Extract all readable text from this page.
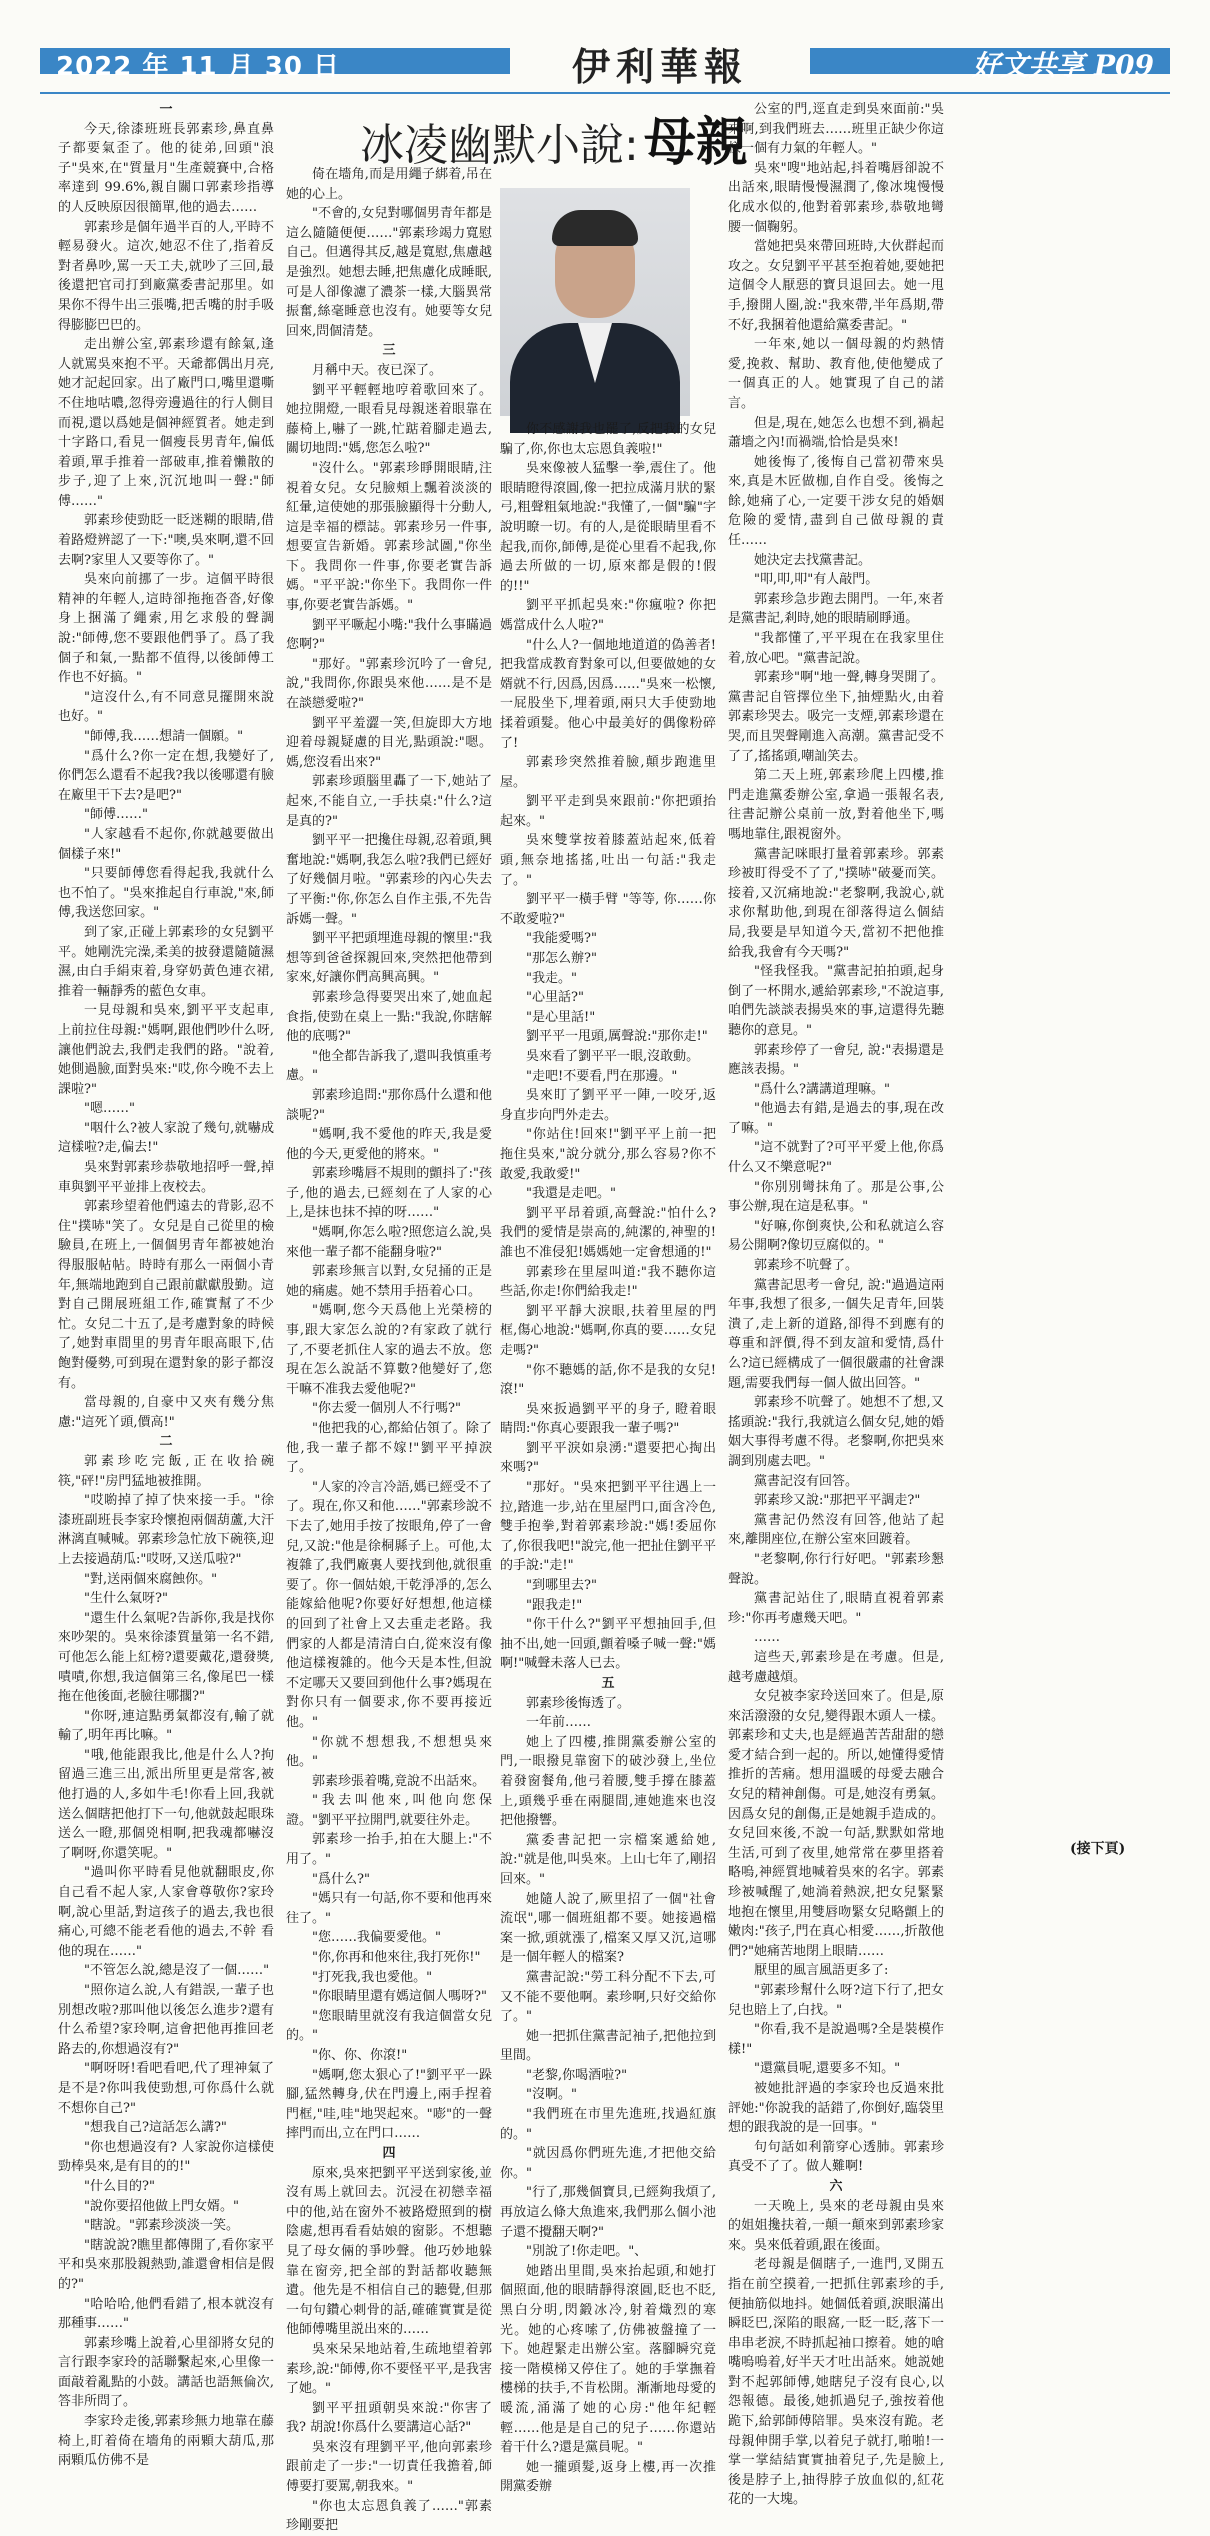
2022 年 11 月 30 日	伊利華報	好文共享 P09
冰凌幽默小說: 母親

一

今天,徐漆班班長郭素珍,鼻直鼻子都要氣歪了。他的徒弟,回頭"浪子"吳來,在"質量月"生產競賽中,合格率達到 99.6%,親自關口郭素珍指導的人反映原因很簡單,他的過去……

郭素珍是個年過半百的人,平時不輕易發火。這次,她忍不住了,指着反對者鼻吵,罵一天工夫,就吵了三回,最後還把官司打到廠黨委書記那里。如果你不得牛出三張嘴,把舌嘴的肘手吸得膨膨巴巴的。

走出辦公室,郭素珍還有餘氣,逢人就罵吳來抱不平。天爺都偶出月亮,她才記起回家。出了廠門口,嘴里還嘶不住地咕噥,忽得旁邊過往的行人側目而視,還以爲她是個神經質者。她走到十字路口,看見一個瘦長男青年,偏低着頭,單手推着一部破車,推着懶散的步子,迎了上來,沉沉地叫一聲:"師傅……"

郭素珍使勁眨一眨迷糊的眼睛,借着路燈辨認了一下:"噢,吳來啊,還不回去啊?家里人又要等你了。"

吳來向前挪了一步。這個平時很精神的年輕人,這時卻拖拖沓沓,好像身上捆滿了繩索,用乞求般的聲調說:"師傅,您不要跟他們爭了。爲了我個子和氣,一點都不值得,以後師傅工作也不好搞。"

"這沒什么,有不同意見擺開來說也好。"

"師傅,我……想請一個願。"

"爲什么?你一定在想,我變好了,你們怎么還看不起我?我以後哪還有臉在廠里干下去?是吧?"

"師傅……"

"人家越看不起你,你就越要做出個樣子來!"

"只要師傅您看得起我,我就什么也不怕了。"吳來推起自行車說,"來,師傅,我送您回家。"

到了家,正碰上郭素珍的女兒劉平平。她剛洗完澡,柔美的披發還隨隨濕濕,由白手絹束着,身穿奶黃色連衣裙,推着一輛靜秀的藍色女車。

一見母親和吳來,劉平平支起車,上前拉住母親:"媽啊,跟他們吵什么呀,讓他們說去,我們走我們的路。"說着,她側過臉,面對吳來:"哎,你今晚不去上課啦?"

"嗯……"

"咽什么?被人家說了幾句,就嚇成這樣啦?走,偏去!"

吳來對郭素珍恭敬地招呼一聲,掉車與劉平平並排上夜校去。

郭素珍望着他們遠去的背影,忍不住"撲哧"笑了。女兒是自己從里的檢驗員,在班上,一個個男青年都被她治得服服帖帖。時時有那么一兩個小青年,無端地跑到自己跟前獻獻殷勤。這對自己開展班組工作,確實幫了不少忙。女兒二十五了,是考慮對象的時候了,她對車間里的男青年眼高眼下,估飽對優勢,可到現在還對象的影子都沒有。

當母親的,自豪中又夾有幾分焦慮:"這死丫頭,價高!"

二

郭素珍吃完飯,正在收拾碗筷,"砰!"房門猛地被推開。

"哎喲掉了掉了快來接一手。"徐漆班副班長李家玲懷抱兩個葫蘆,大汗淋漓直喊喊。郭素珍急忙放下碗筷,迎上去接過葫瓜:"哎呀,又送瓜啦?"

"對,送兩個來腐蝕你。"

"生什么氣呀?"

"還生什么氣呢?告訴你,我是找你來吵架的。吳來徐漆質量第一名不錯,可他怎么能上紅榜?還要戴花,還發獎,嘖嘖,你想,我這個第三名,像尾巴一樣拖在他後面,老臉往哪擱?"

"你呀,連這點勇氣都沒有,輸了就輸了,明年再比嘛。"

"哦,他能跟我比,他是什么人?拘留過三進三出,派出所里更是常客,被他打過的人,多如牛毛!你看上回,我就送么個瞎把他打下一句,他就鼓起眼珠送么一瞪,那個兇相啊,把我魂都嚇沒了啊呀,你還笑呢。"

"過叫你平時看見他就翻眼皮,你自己看不起人家,人家會尊敬你?家玲啊,說心里話,對這孩子的過去,我也很痛心,可總不能老看他的過去,不幹 看他的現在……"

"不管怎么說,總是沒了一個……"

"照你這么說,人有錯誤,一輩子也別想改啦?那叫他以後怎么進步?還有什么希望?家玲啊,這會把他再推回老路去的,你想過沒有?"

"啊呀呀!看吧看吧,代了理神氣了是不是?你叫我使勁想,可你爲什么就不想你自己?"

"想我自己?這話怎么講?"

"你也想過沒有? 人家說你這樣使勁棒吳來,是有目的的!"

"什么目的?"

"說你要招他做上門女婿。"

"瞎說。"郭素珍淡淡一笑。

"瞎說說?瞧里都傳開了,看你家平平和吳來那股親熱勁,誰還會相信是假的?"

"哈哈哈,他們看錯了,根本就沒有那種事……"

郭素珍嘴上說着,心里卻將女兒的言行跟李家玲的話聯繫起來,心里像一面敲着亂點的小鼓。講話也語無倫次,答非所問了。

李家玲走後,郭素珍無力地靠在藤椅上,盯着倚在墻角的兩顆大葫瓜,那兩顆瓜仿佛不是

倚在墻角,而是用繩子綁着,吊在她的心上。

"不會的,女兒對哪個男青年都是這么隨隨便便……"郭素珍竭力寬慰自己。但邁得其反,越是寬慰,焦慮越是強烈。她想去睡,把焦慮化成睡眠,可是人卻像濾了濃茶一樣,大腦異常振奮,絲毫睡意也沒有。她要等女兒回來,問個清楚。

三

月稱中天。夜已深了。

劉平平輕輕地哼着歌回來了。她拉開燈,一眼看見母親迷着眼靠在藤椅上,嚇了一跳,忙踮着腳走過去,關切地問:"媽,您怎么啦?"

"沒什么。"郭素珍睜開眼睛,注視着女兒。女兒臉頰上飄着淡淡的紅暈,這使她的那張臉顯得十分動人,這是幸福的標誌。郭素珍另一件事,想要宣告新婚。郭素珍試圖,"你坐下。我問你一件事,你要老實告訴媽。"平平說:"你坐下。我問你一件事,你要老實告訴媽。"

劉平平噘起小嘴:"我什么事瞞過您啊?"

"那好。"郭素珍沉吟了一會兒,說,"我問你,你跟吳來他……是不是在談戀愛啦?"

劉平平羞澀一笑,但旋即大方地迎着母親疑慮的目光,點頭說:"嗯。媽,您沒看出來?"

郭素珍頭腦里轟了一下,她站了起來,不能自立,一手扶桌:"什么?這是真的?"

劉平平一把攙住母親,忍着頭,興奮地說:"媽啊,我怎么啦?我們已經好了好幾個月啦。"郭素珍的內心失去了平衡:"你,你怎么自作主張,不先告訴媽一聲。"

劉平平把頭埋進母親的懷里:"我想等到爸爸探親回來,突然把他帶到家來,好讓你們高興高興。"

郭素珍急得要哭出來了,她血起食指,使勁在桌上一點:"我說,你瞎解他的底嗎?"

"他全都告訴我了,還叫我慎重考慮。"

郭素珍追問:"那你爲什么還和他談呢?"

"媽啊,我不愛他的昨天,我是愛他的今天,更愛他的將來。"

郭素珍嘴唇不規則的顫抖了:"孩子,他的過去,已經刻在了人家的心上,是抹也抹不掉的呀……"

"媽啊,你怎么啦?照您這么說,吳來他一輩子都不能翻身啦?"

郭素珍無言以對,女兒捅的正是她的痛處。她不禁用手捂着心口。

"媽啊,您今天爲他上光榮榜的事,跟大家怎么說的?有家政了就行了,不要老抓住人家的過去不放。您現在怎么說話不算數?他變好了,您干嘛不准我去愛他呢?"

"你去愛一個別人不行嗎?"

"他把我的心,都給佔領了。除了他,我一輩子都不嫁!"劉平平掉淚了。

"人家的冷言冷語,媽已經受不了了。現在,你又和他……"郭素珍說不下去了,她用手按了按眼角,停了一會兒,又說:"他是徐桐縣子上。可他,太複雜了,我們廠裏人要找到他,就很重要了。你一個姑娘,干乾淨凈的,怎么能嫁給他呢?你要好好想想,他這樣的回到了社會上又去重走老路。我們家的人都是清清白白,從來沒有像他這樣複雜的。他今天是本性,但說不定哪天又要回到他什么事?媽現在對你只有一個要求,你不要再接近他。"

"你就不想想我,不想想吳來他。"

郭素珍張着嘴,竟說不出話來。

"我去叫他來,叫他向您保證。"劉平平拉開門,就要往外走。

郭素珍一抬手,拍在大腿上:"不用了。"

"爲什么?"

"媽只有一句話,你不要和他再來往了。"

"您……我偏要愛他。"

"你,你再和他來往,我打死你!"

"打死我,我也愛他。"

"你眼睛里還有媽這個人嗎呀?"

"您眼睛里就沒有我這個當女兒的。"

"你、你、你滾!"

"媽啊,您太狠心了!"劉平平一跺腳,猛然轉身,伏在門邊上,兩手捏着門框,"哇,哇"地哭起來。"嘭"的一聲摔門而出,立在門口……

四

原來,吳來把劉平平送到家後,並沒有馬上就回去。沉浸在初戀幸福中的他,站在窗外不被路燈照到的樹陰處,想再看看姑娘的窗影。不想聽見了母女倆的爭吵聲。他巧妙地躲靠在窗旁,把全部的對話都收聽無遺。他先是不相信自己的聽覺,但那一句句鑽心刺骨的話,確確實實是從他師傅嘴里説出來的……

吳來呆呆地站着,生疏地望着郭素珍,說:"師傅,你不要怪平平,是我害了她。"

劉平平扭頭朝吳來說:"你害了我? 胡說!你爲什么要講這心話?"

吳來沒有理劉平平,他向郭素珍跟前走了一步:"一切責任我擔着,師傅要打要罵,朝我來。"

"你也太忘恩負義了……"郭素珍剛要把

你不感謝我也罷了,反把我的女兒騙了,你,你也太忘恩負義啦!"

吳來像被人猛擊一拳,震住了。他眼睛瞪得滾圓,像一把拉成滿月狀的緊弓,粗聲粗氣地說:"我懂了,一個"騙"字說明瞭一切。有的人,是從眼睛里看不起我,而你,師傅,是從心里看不起我,你過去所做的一切,原來都是假的!假的!!"

劉平平抓起吳來:"你瘋啦? 你把媽當成什么人啦?"

"什么人?一個地地道道的偽善者!把我當成教育對象可以,但要做她的女婿就不行,因爲,因爲……"吳來一松懷,一屁股坐下,埋着頭,兩只大手使勁地揉着頭髮。他心中最美好的偶像粉碎了!

郭素珍突然推着臉,顛步跑進里屋。

劉平平走到吳來跟前:"你把頭抬起來。"

吳來雙掌按着膝蓋站起來,低着頭,無奈地搖搖,吐出一句話:"我走了。"

劉平平一橫手臂 "等等, 你……你不敢愛啦?"

"我能愛嗎?"

"那怎么辦?"

"我走。"

"心里話?"

"是心里話!"

劉平平一甩頭,厲聲說:"那你走!"

吳來看了劉平平一眼,沒敢動。

"走吧!不要看,門在那邊。"

吳來盯了劉平平一陣,一咬牙,返身直步向門外走去。

"你站住!回來!"劉平平上前一把拖住吳來,"說分就分,那么容易?你不敢愛,我敢愛!"

"我還是走吧。"

劉平平昂着頭,高聲說:"怕什么?我們的愛情是崇高的,純潔的,神聖的!誰也不准侵犯!媽媽她一定會想通的!"

郭素珍在里屋叫道:"我不聽你這些話,你走!你們給我走!"

劉平平靜大淚眼,扶着里屋的門框,傷心地說:"媽啊,你真的要……女兒走嗎?"

"你不聽媽的話,你不是我的女兒!滾!"

吳來扳過劉平平的身子, 瞪着眼睛問:"你真心要跟我一輩子嗎?"

劉平平淚如泉湧:"還要把心掏出來嗎?"

"那好。"吳來把劉平平往遇上一拉,踏進一步,站在里屋門口,面含冷色,雙手抱拳,對着郭素珍說:"媽!委屈你了,你很我吧!"說完,他一把扯住劉平平的手說:"走!"

"到哪里去?"

"跟我走!"

"你干什么?"劉平平想抽回手,但抽不出,她一回頭,顫着嗓子喊一聲:"媽啊!"喊聲未落人已去。

五

郭素珍後悔透了。

一年前……

她上了四樓,推開黨委辦公室的門,一眼撥見靠窗下的破沙發上,坐位着發窗餐角,他弓着腰,雙手撐在膝蓋上,頭幾乎垂在兩腿間,連她進來也沒把他撥響。

黨委書記把一宗檔案遞給她,說:"就是他,叫吳來。上山七年了,剛招回來。"

她隨人說了,厥里招了一個"社會流氓",哪一個班組都不要。她接過檔案一掀,頭就漲了,檔案又厚又沉,這哪是一個年輕人的檔案?

黨書記說:"勞工科分配不下去,可又不能不要他啊。素珍啊,只好交給你了。"

她一把抓住黨書記袖子,把他拉到里間。

"老黎,你喝酒啦?"

"沒啊。"

"我們班在市里先進班,找過紅旗的。"

"就因爲你們班先進,才把他交給你。"

"行了,那幾個寶貝,已經夠我煩了,再放這么條大魚進來,我們那么個小池子還不攪翻天啊?"

"別說了!你走吧。"、

她踏出里間,吳來抬起頭,和她打個照面,他的眼睛靜得滾圓,眨也不眨,黑白分明,閃鍛冰冷,射着熾烈的寒光。她的心疼嗦了,仿佛被盤撞了一下。她趕緊走出辦公室。落腳瞬究竟接一階模梯又停住了。她的手掌撫着樓梯的扶手,不肯松開。漸漸地母愛的暖流,涌滿了她的心房:"他年紀輕輕……他是是自己的兒子……你還站着干什么?還是黨員呢。"

她一攏頭髮,返身上樓,再一次推開黨委辦

公室的門,逕直走到吳來面前:"吳來啊,到我們班去……班里正缺少你這樣一個有力氣的年輕人。"

吳來"嗖"地站起,抖着嘴唇卻說不出話來,眼睛慢慢濕潤了,像冰塊慢慢化成水似的,他對着郭素珍,恭敬地彎腰一個鞠躬。

當她把吳來帶回班時,大伙群起而攻之。女兒劉平平甚至抱着她,要她把這個令人厭惡的寶貝退回去。她一甩手,撥開人圈,說:"我來帶,半年爲期,帶不好,我捆着他還給黨委書記。"

一年來,她以一個母親的灼熱情愛,挽救、幫助、教育他,使他變成了一個真正的人。她實現了自己的諾言。

但是,現在,她怎么也想不到,禍起蕭墻之內!而禍端,恰恰是吳來!

她後悔了,後悔自己當初帶來吳來,真是木匠做枷,自作自受。後悔之餘,她痛了心,一定要干涉女兒的婚姻危險的愛情,盡到自己做母親的責任……

她決定去找黨書記。

"叩,叩,叩"有人敲門。

郭素珍急步跑去開門。一年,來者是黨書記,剎時,她的眼睛刷睜通。

"我都懂了,平平現在在我家里住着,放心吧。"黨書記說。

郭素珍"啊"地一聲,轉身哭開了。黨書記自管擇位坐下,抽煙點火,由着郭素珍哭去。吸完一支煙,郭素珍還在哭,而且哭聲剛進入高潮。黨書記受不了了,搖搖頭,嘲訕笑去。

第二天上班,郭素珍爬上四樓,推門走進黨委辦公室,拿過一張報名表,往書記辦公桌前一放,對着他坐下,嗎嗎地靠住,跟視窗外。

黨書記咪眼打量着郭素珍。郭素珍被盯得受不了了,"撲哧"破憂而笑。接着,又沉痛地說:"老黎啊,我說心,就求你幫助他,到現在卻落得這么個結局,我要是早知道今天,當初不把他推給我,我會有今天嗎?"

"怪我怪我。"黨書記拍拍頭,起身倒了一杯開水,遞給郭素珍,"不說這事,咱們先談談表揚吳來的事,這還得先聽聽你的意見。"

郭素珍停了一會兒, 說:"表揚還是應該表揚。"

"爲什么?講講道理嘛。"

"他過去有錯,是過去的事,現在改了嘛。"

"這不就對了?可平平愛上他,你爲什么又不樂意呢?"

"你別別彎抹角了。那是公事,公事公辦,現在這是私事。"

"好嘛,你倒爽快,公和私就這么容易公開啊?像切豆腐似的。"

郭素珍不吭聲了。

黨書記思考一會兒, 說:"過過這兩年事,我想了很多,一個失足青年,回裝潰了,走上新的道路,卻得不到應有的尊重和評價,得不到友誼和愛情,爲什么?這已經構成了一個很嚴肅的社會課題,需要我們每一個人做出回答。"

郭素珍不吭聲了。她想不了想,又搖頭說:"我行,我就這么個女兒,她的婚姻大事得考慮不得。老黎啊,你把吳來調到別處去吧。"

黨書記沒有回答。

郭素珍又說:"那把平平調走?"

黨書記仍然沒有回答,他站了起來,離開座位,在辦公室來回踱着。

"老黎啊,你行行好吧。"郭素珍懇聲說。

黨書記站住了,眼睛直視着郭素珍:"你再考慮幾天吧。"

……

這些天,郭素珍是在考慮。但是,越考慮越煩。

女兒被李家玲送回來了。但是,原來活潑潑的女兒,變得跟木頭人一樣。郭素珍和丈夫,也是經過苦苦甜甜的戀愛才結合到一起的。所以,她懂得愛情推折的苦痛。想用溫暖的母愛去融合女兒的精神創傷。可是,她沒有勇氣。因爲女兒的創傷,正是她親手造成的。女兒回來後,不說一句話,默默如常地生活,可到了夜里,她常常在夢里搭着略嗚,神經質地喊着吳來的名字。郭素珍被喊醒了,她淌着熱淚,把女兒緊緊地抱在懷里,用雙唇吻緊女兒略顫上的嫩肉:"孩子,門在真心相愛……,折散他們?"她痛苦地閉上眼睛……

厭里的風言風語更多了:

"郭素珍幫什么呀?這下行了,把女兒也賠上了,白找。"

"你看,我不是說過嗎?全是裝模作樣!"

"還黨員呢,還要多不知。"

被她批評過的李家玲也反過來批評她:"你說我的話錯了,你倒好,臨袋里想的跟我說的是一回事。"

句句話如利箭穿心透肺。郭素珍真受不了了。做人難啊!

六

一天晚上, 吳來的老母親由吳來的姐姐攙扶着,一顛一顛來到郭素珍家來。吳來低着頭,跟在後面。

老母親是個瞎子,一進門,叉開五指在前空摸着,一把抓住郭素珍的手,便抽筋似地抖。她個低着頭,淚眼滿出瞬眨巴,深陷的眼窩,一眨一眨,落下一串串老淚,不時抓起袖口擦着。她的嗆嘴嗚嗚着,好半天才吐出話來。她説她對不起郭師傅,她瞎兒子沒有良心,以怨報德。最後,她抓過兒子,強按着他跪下,給郭師傅陪罪。吳來沒有跪。老母親伸開手掌,以着兒子就打,啪啪!一掌一掌結結實實抽着兒子,先是臉上,後是脖子上,抽得脖子放血似的,紅花花的一大塊。

(接下頁)
